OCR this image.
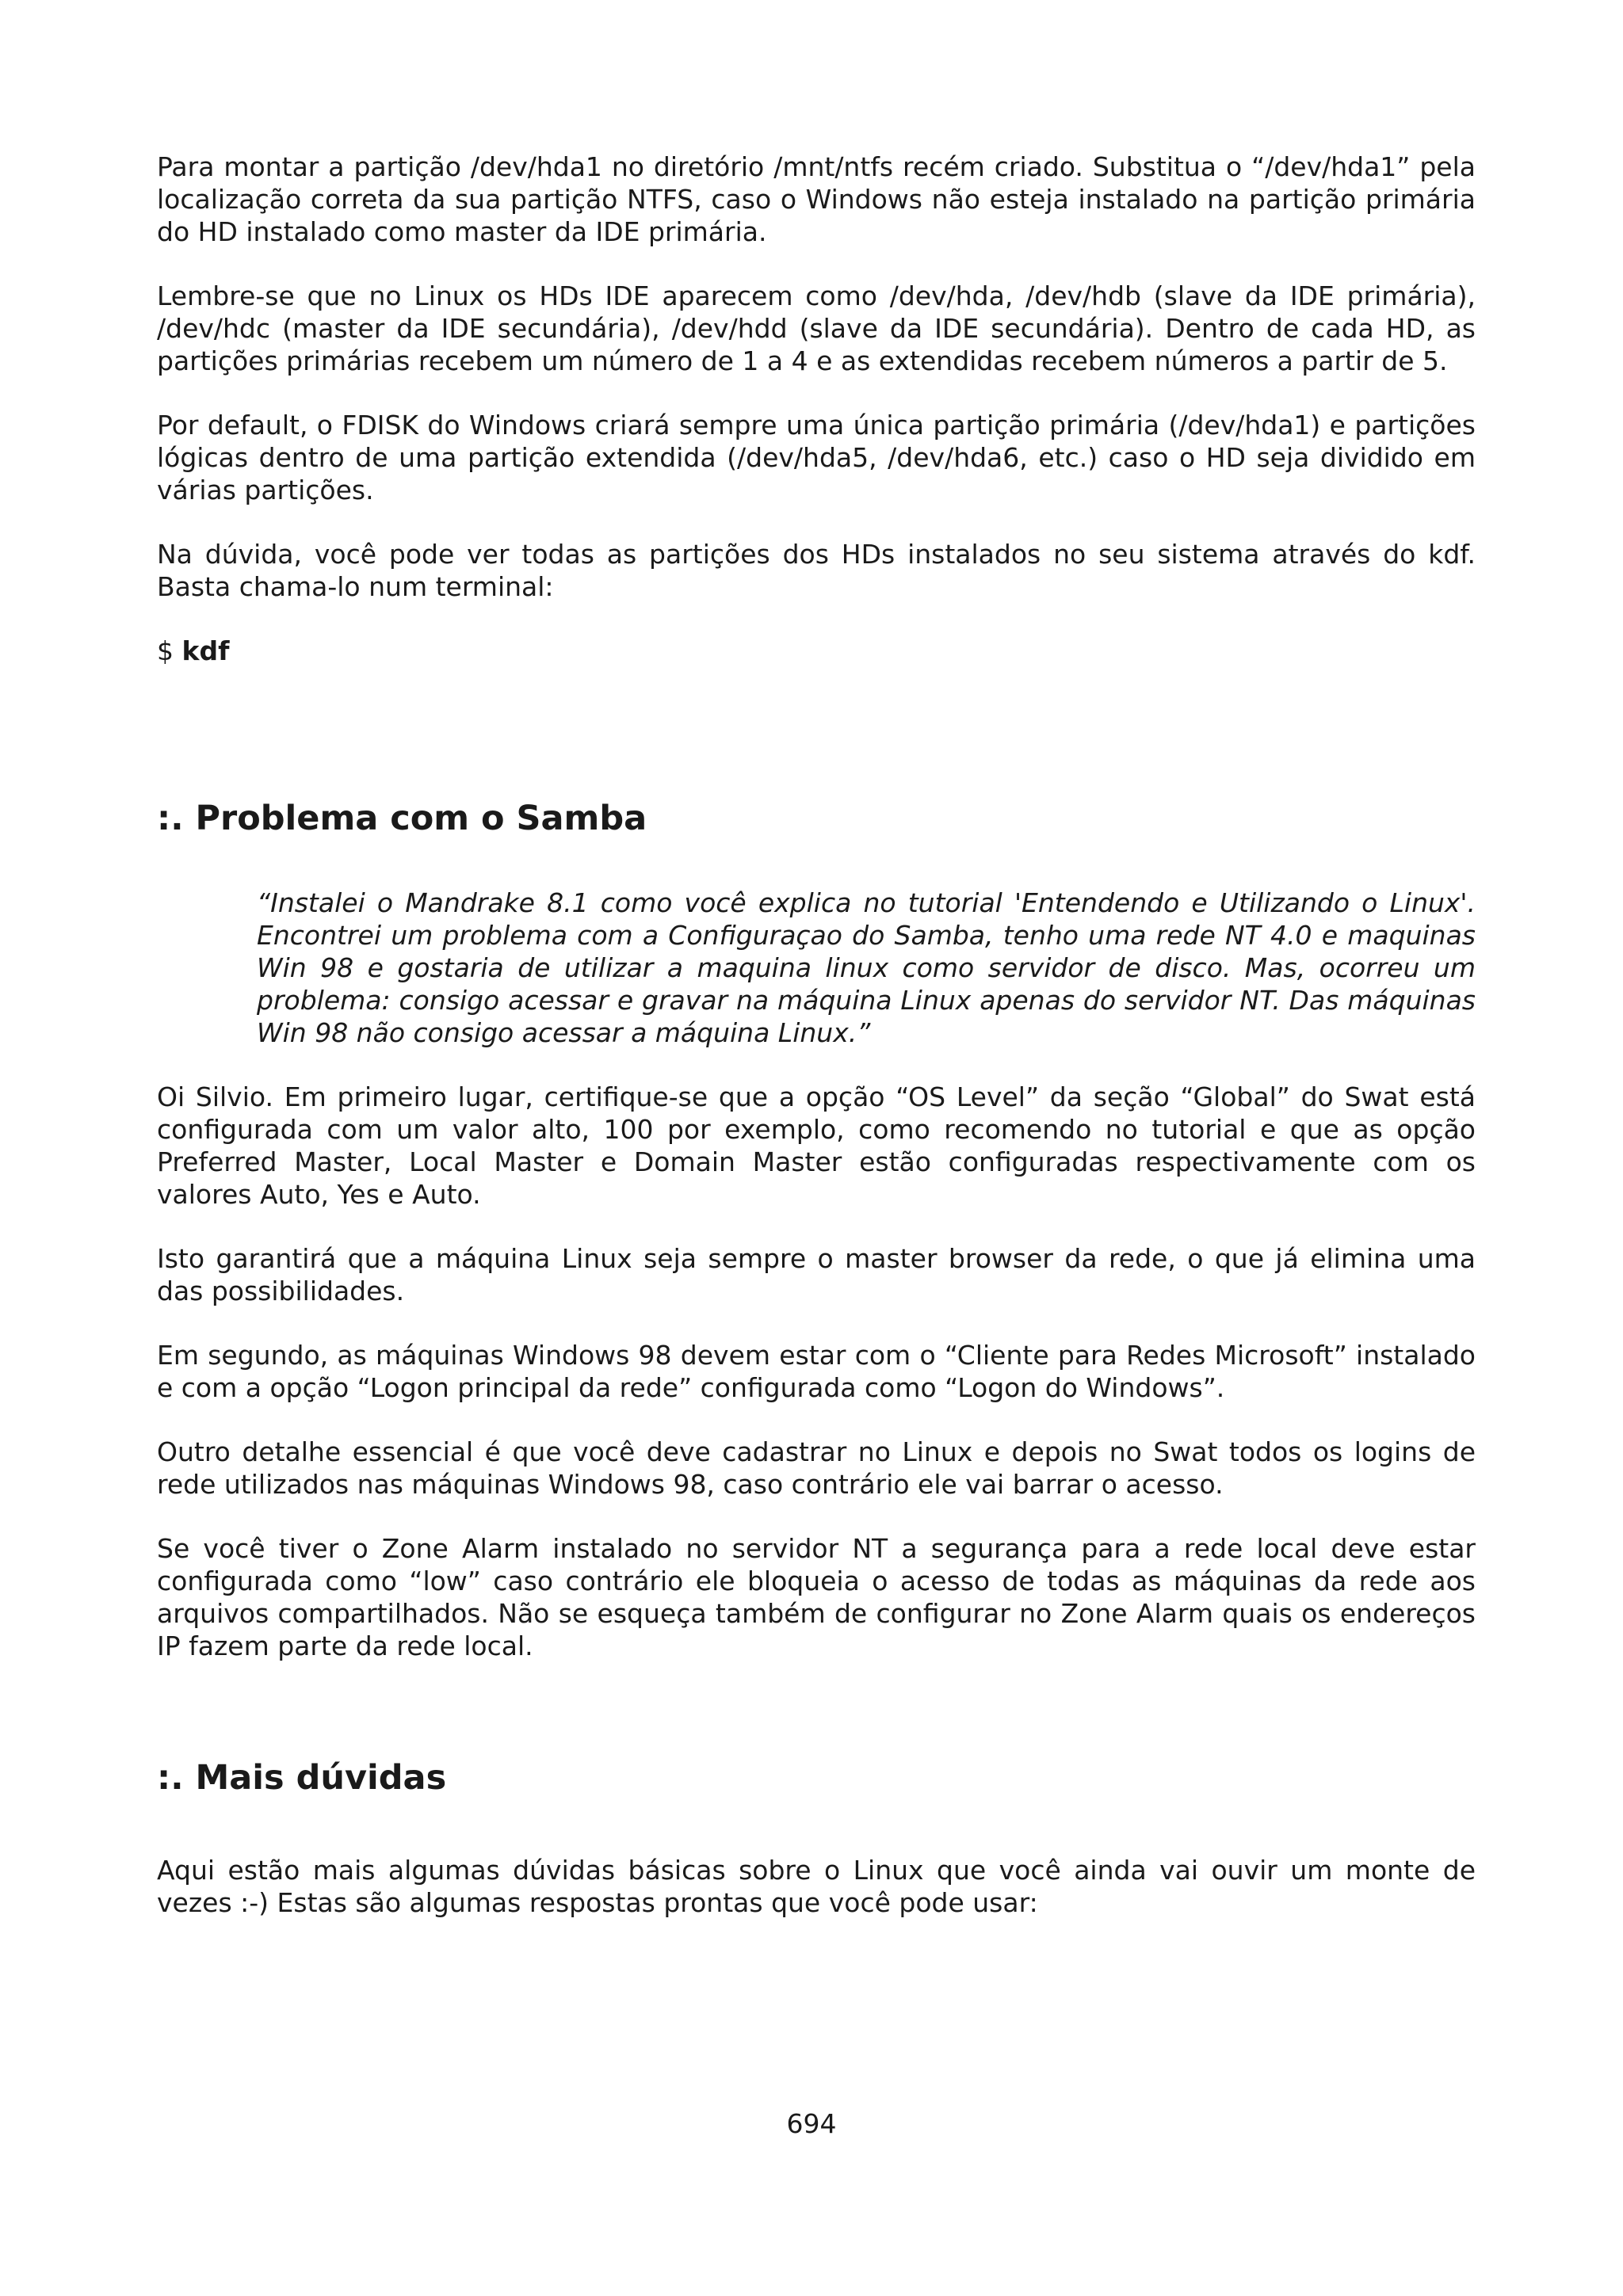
Para montar a partição /dev/hda1 no diretório /mnt/ntfs recém criado. Substitua o “/dev/hda1” pela localização correta da sua partição NTFS, caso o Windows não esteja instalado na partição primária do HD instalado como master da IDE primária.

Lembre-se que no Linux os HDs IDE aparecem como /dev/hda, /dev/hdb (slave da IDE primária), /dev/hdc (master da IDE secundária), /dev/hdd (slave da IDE secundária). Dentro de cada HD, as partições primárias recebem um número de 1 a 4 e as extendidas recebem números a partir de 5.

Por default, o FDISK do Windows criará sempre uma única partição primária (/dev/hda1) e partições lógicas dentro de uma partição extendida (/dev/hda5, /dev/hda6, etc.) caso o HD seja dividido em várias partições.

Na dúvida, você pode ver todas as partições dos HDs instalados no seu sistema através do kdf. Basta chama-lo num terminal:

$ kdf

:. Problema com o Samba

“Instalei o Mandrake 8.1 como você explica no tutorial 'Entendendo e Utilizando o Linux'. Encontrei um problema com a Configuraçao do Samba, tenho uma rede NT 4.0 e maquinas Win 98 e gostaria de utilizar a maquina linux como servidor de disco. Mas, ocorreu um problema: consigo acessar e gravar na máquina Linux apenas do servidor NT. Das máquinas Win 98 não consigo acessar a máquina Linux.”

Oi Silvio. Em primeiro lugar, certifique-se que a opção “OS Level” da seção “Global” do Swat está configurada com um valor alto, 100 por exemplo, como recomendo no tutorial e que as opção Preferred Master, Local Master e Domain Master estão configuradas respectivamente com os valores Auto, Yes e Auto.

Isto garantirá que a máquina Linux seja sempre o master browser da rede, o que já elimina uma das possibilidades.

Em segundo, as máquinas Windows 98 devem estar com o “Cliente para Redes Microsoft” instalado e com a opção “Logon principal da rede” configurada como “Logon do Windows”.

Outro detalhe essencial é que você deve cadastrar no Linux e depois no Swat todos os logins de rede utilizados nas máquinas Windows 98, caso contrário ele vai barrar o acesso.

Se você tiver o Zone Alarm instalado no servidor NT a segurança para a rede local deve estar configurada como “low” caso contrário ele bloqueia o acesso de todas as máquinas da rede aos arquivos compartilhados. Não se esqueça também de configurar no Zone Alarm quais os endereços IP fazem parte da rede local.

:. Mais dúvidas

Aqui estão mais algumas dúvidas básicas sobre o Linux que você ainda vai ouvir um monte de vezes :-) Estas são algumas respostas prontas que você pode usar:

694
